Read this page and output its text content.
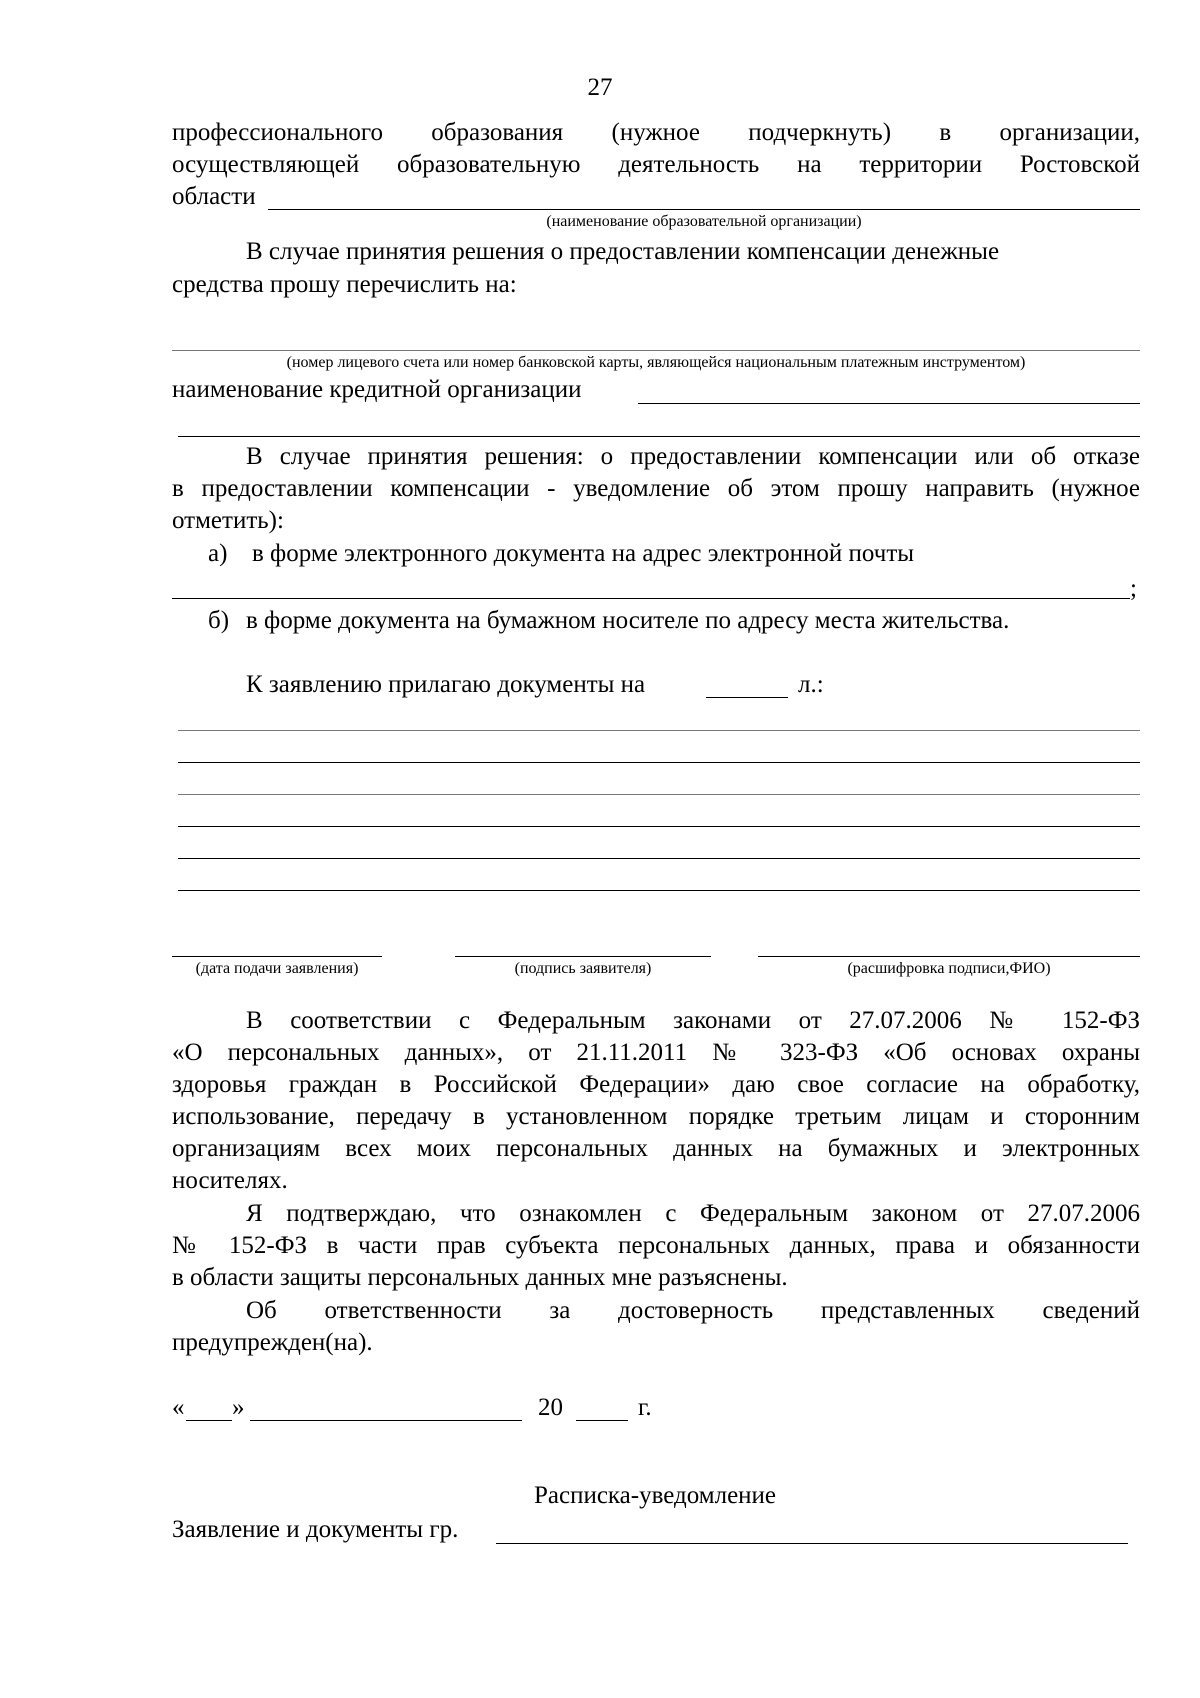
27
профессионального образования (нужное подчеркнуть) в организации,
осуществляющей образовательную деятельность на территории Ростовской
области
(наименование образовательной организации)
В случае принятия решения о предоставлении компенсации денежные
средства прошу перечислить на:
(номер лицевого счета или номер банковской карты, являющейся национальным платежным инструментом)
наименование кредитной организации
В случае принятия решения: о предоставлении компенсации или об отказе
в предоставлении компенсации - уведомление об этом прошу направить (нужное
отметить):
а) в форме электронного документа на адрес электронной почты
;
б) в форме документа на бумажном носителе по адресу места жительства.
К заявлению прилагаю документы на	л.:
(дата подачи заявления)	(подпись заявителя)	(расшифровка подписи,ФИО)
В соответствии с Федеральным законами от 27.07.2006 № 152-ФЗ
«О персональных данных», от 21.11.2011 № 323-ФЗ «Об основах охраны
здоровья граждан в Российской Федерации» даю свое согласие на обработку,
использование, передачу в установленном порядке третьим лицам и сторонним
организациям всех моих персональных данных на бумажных и электронных
носителях.
Я подтверждаю, что ознакомлен с Федеральным законом от 27.07.2006
№ 152-ФЗ в части прав субъекта персональных данных, права и обязанности
в области защиты персональных данных мне разъяснены.
Об ответственности за достоверность представленных сведений
предупрежден(на).
« »	20	г.
Расписка-уведомление
Заявление и документы гр.
